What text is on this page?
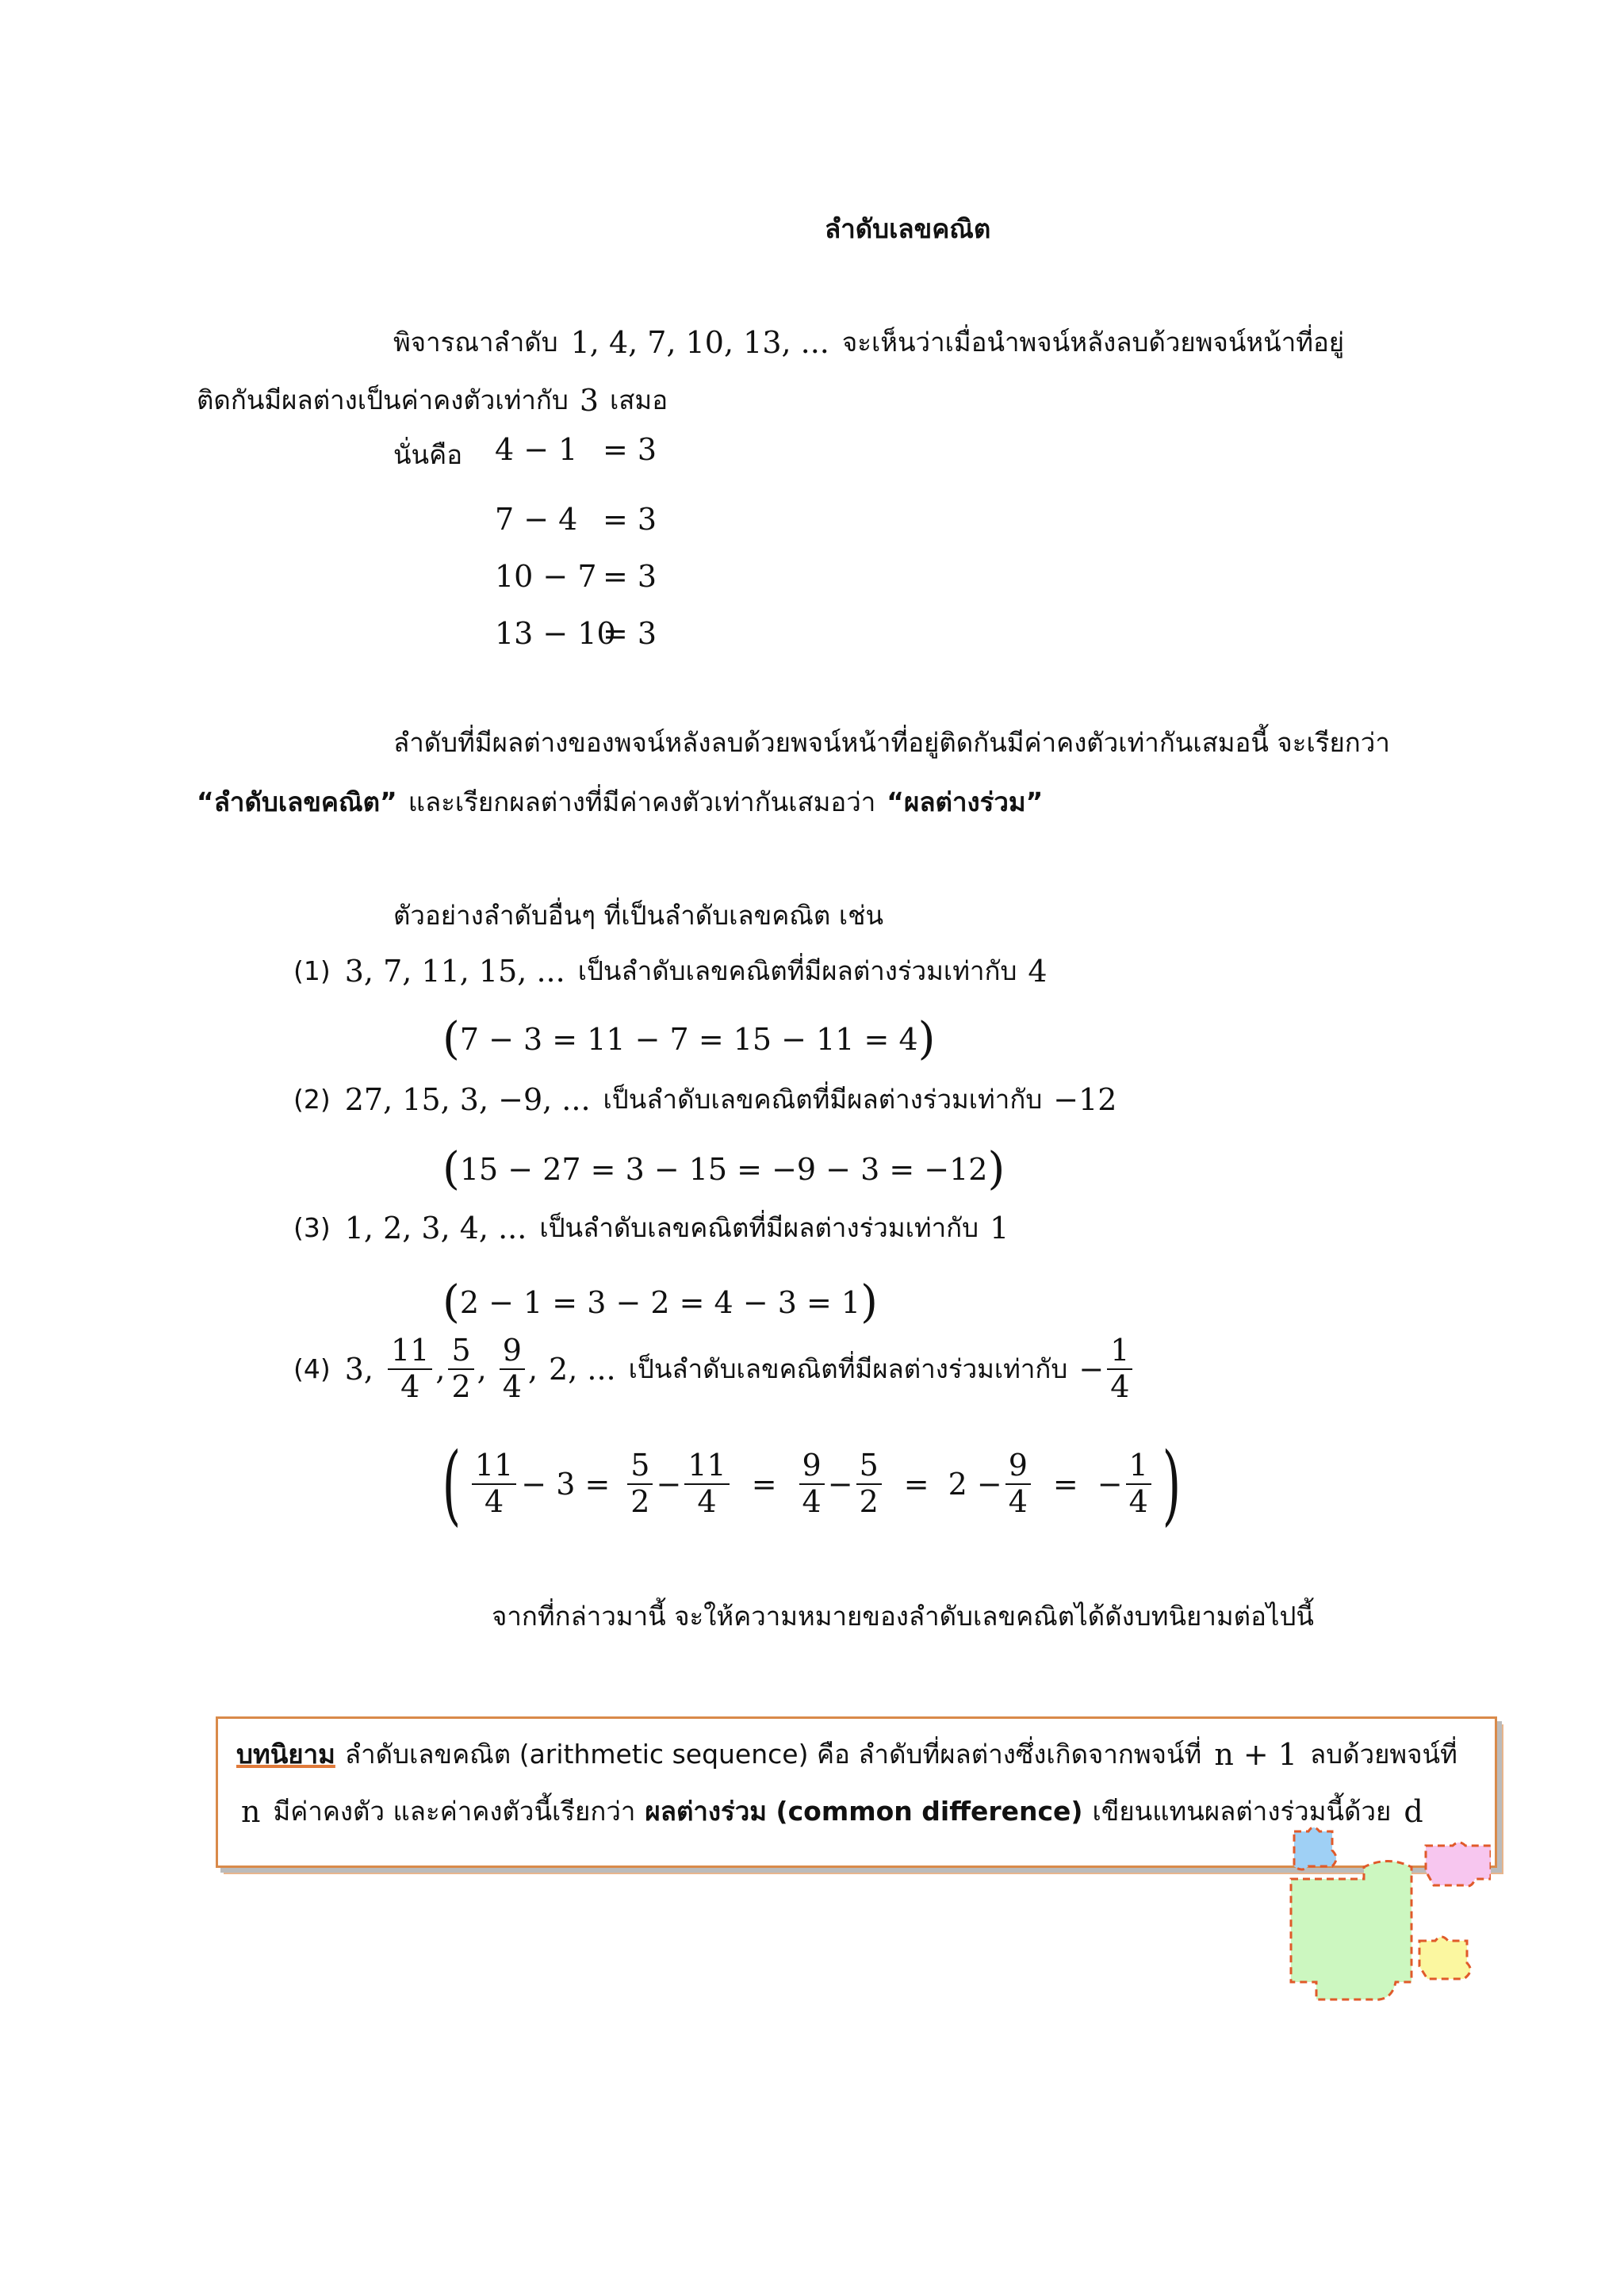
ลำดับเลขคณิต
พิจารณาลำดับ 1, 4, 7, 10, 13, ... จะเห็นว่าเมื่อนำพจน์หลังลบด้วยพจน์หน้าที่อยู่
ติดกันมีผลต่างเป็นค่าคงตัวเท่ากับ 3 เสมอ
นั่นคือ 4 − 1 = 3
7 − 4 = 3
10 − 7 = 3
13 − 10
= 3
ลำดับที่มีผลต่างของพจน์หลังลบด้วยพจน์หน้าที่อยู่ติดกันมีค่าคงตัวเท่ากันเสมอนี้ จะเรียกว่า
“ลำดับเลขคณิต” และเรียกผลต่างที่มีค่าคงตัวเท่ากันเสมอว่า “ผลต่างร่วม”
ตัวอย่างลำดับอื่นๆ ที่เป็นลำดับเลขคณิต เช่น
(1) 3, 7, 11, 15, ... เป็นลำดับเลขคณิตที่มีผลต่างร่วมเท่ากับ 4
( 7 − 3 = 11 − 7 = 15 − 11 = 4 )
(2) 27, 15, 3, −9, ... เป็นลำดับเลขคณิตที่มีผลต่างร่วมเท่ากับ −12
( 15 − 27 = 3 − 15 = −9 − 3 = −12 )
(3) 1, 2, 3, 4, ... เป็นลำดับเลขคณิตที่มีผลต่างร่วมเท่ากับ 1
( 2 − 1 = 3 − 2 = 4 − 3 = 1 )
(4) 3, $\frac{11}{4}$ , $\frac{5}{2}$ , $\frac{9}{4}$ , 2, ... เป็นลำดับเลขคณิตที่มีผลต่างร่วมเท่ากับ − $\frac{1}{4}$
( $\frac{11}{4} - 3 = \frac{5}{2} - \frac{11}{4} = \frac{9}{4} - \frac{5}{2} = 2 - \frac{9}{4}$ = − $\frac{1}{4}$ )
จากที่กล่าวมานี้ จะให้ความหมายของลำดับเลขคณิตได้ดังบทนิยามต่อไปนี้
บทนิยาม ลำดับเลขคณิต (arithmetic sequence) คือ ลำดับที่ผลต่างซึ่งเกิดจากพจน์ที่ n + 1 ลบด้วยพจน์ที่
n มีค่าคงตัว และค่าคงตัวนี้เรียกว่า ผลต่างร่วม (common difference) เขียนแทนผลต่างร่วมนี้ด้วย d
